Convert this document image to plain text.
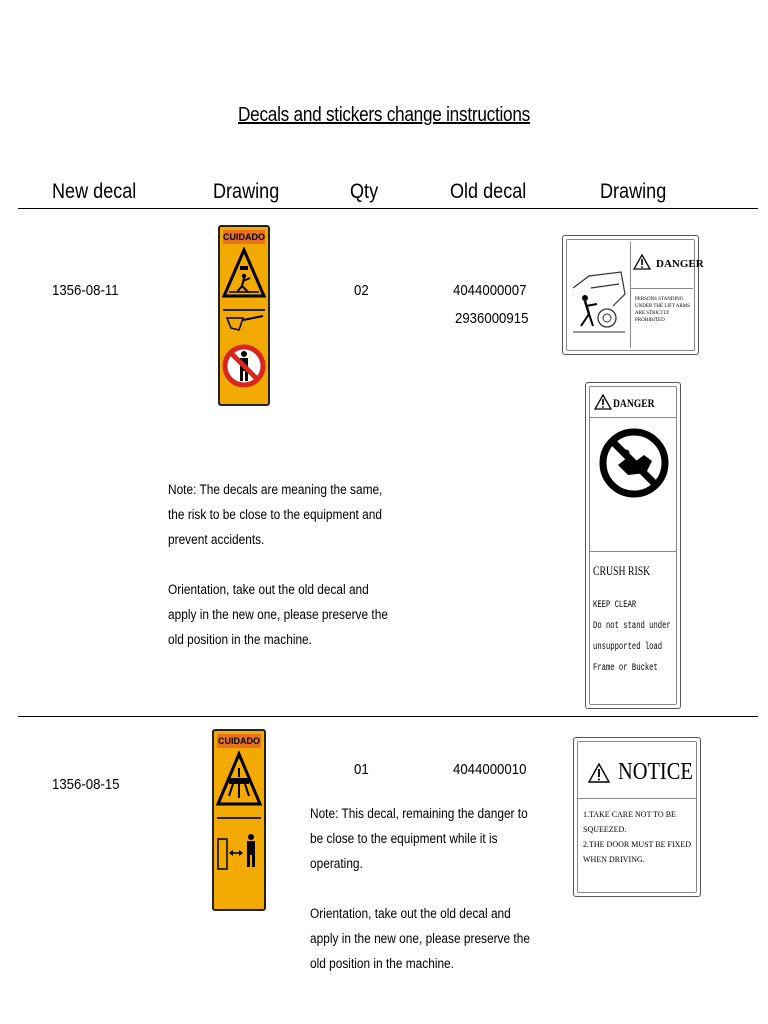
Decals and stickers change instructions
New decal	Drawing	Qty	Old decal	Drawing
1356-08-11	02	4044000007
2936000915
CUIDADO
DANGER
PERSONS STANDING
UNDER THE LIFT ARMS
ARE STRICTLY
PROHIBITED
DANGER
CRUSH RISK
KEEP CLEAR
Do not stand under
unsupported load
Frame or Bucket

Note: The decals are meaning the same, the risk to be close to the equipment and prevent accidents.

Orientation, take out the old decal and apply in the new one, please preserve the old position in the machine.

1356-08-15
01	4044000010
CUIDADO
NOTICE
1.TAKE CARE NOT TO BE
SQUEEZED.
2.THE DOOR MUST BE FIXED
WHEN DRIVING.

Note: This decal, remaining the danger to be close to the equipment while it is operating.

Orientation, take out the old decal and apply in the new one, please preserve the old position in the machine.
